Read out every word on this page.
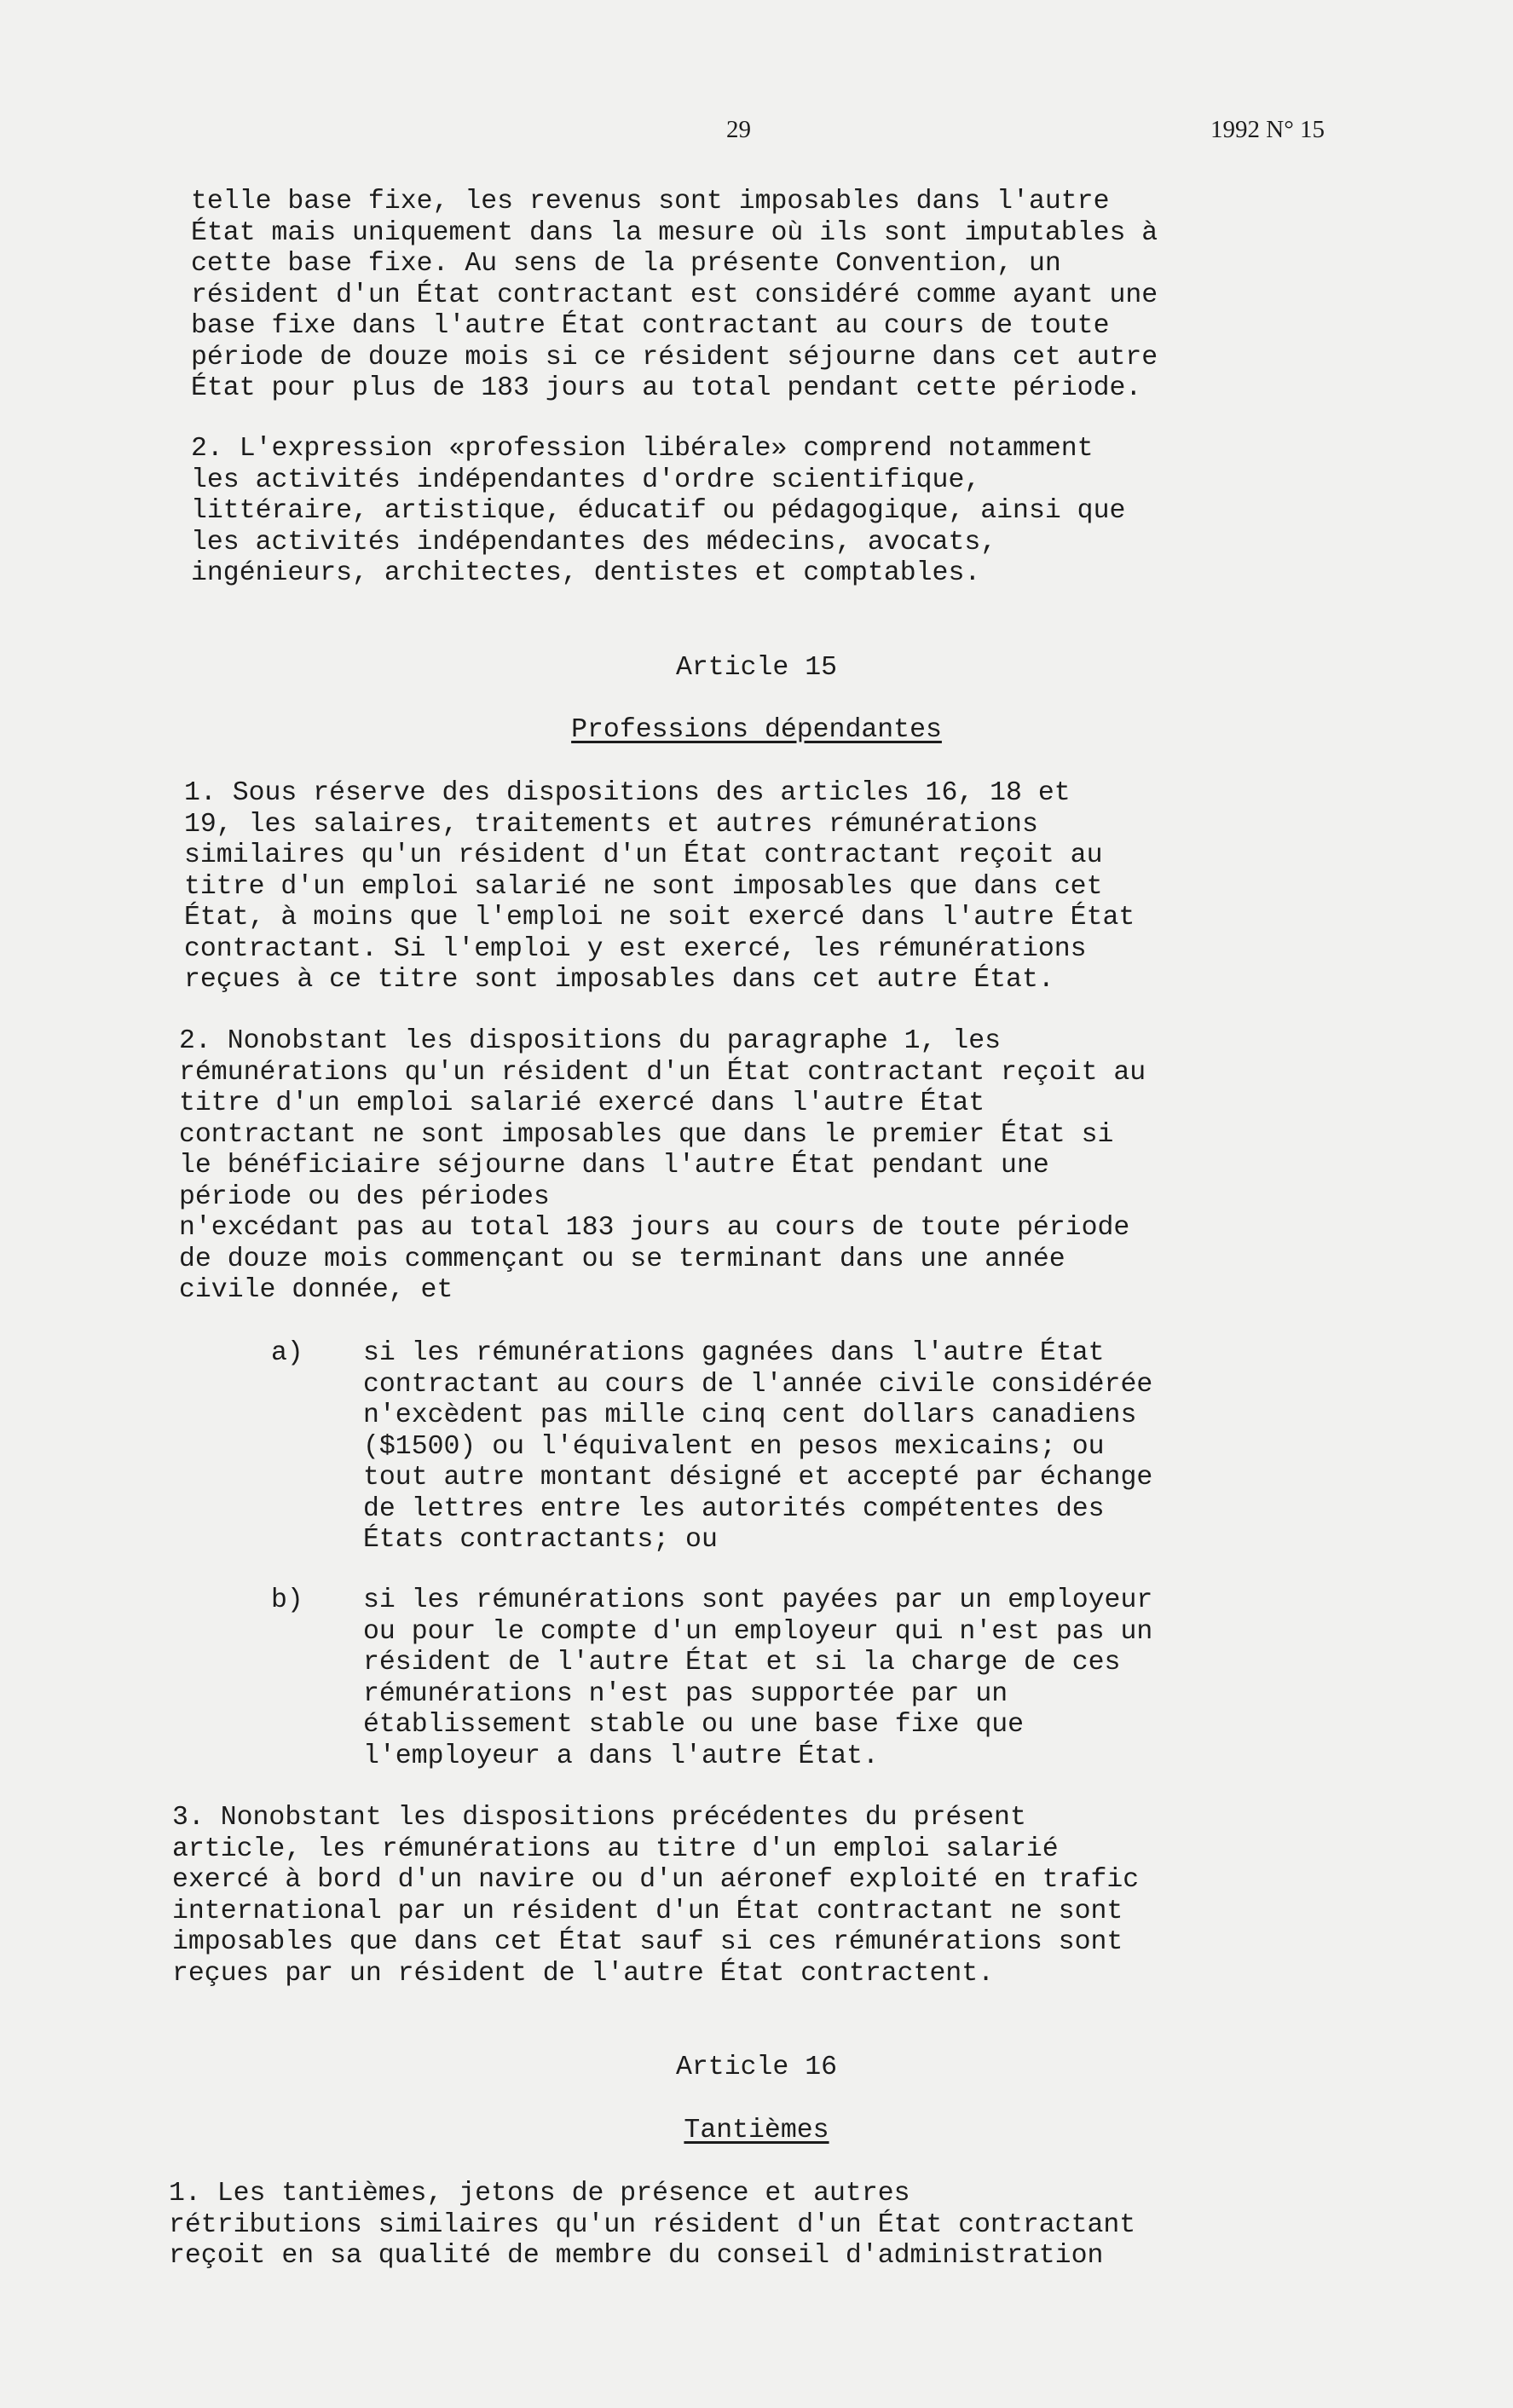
29	1992 N° 15

telle base fixe, les revenus sont imposables dans l'autre
État mais uniquement dans la mesure où ils sont imputables à
cette base fixe. Au sens de la présente Convention, un
résident d'un État contractant est considéré comme ayant une
base fixe dans l'autre État contractant au cours de toute
période de douze mois si ce résident séjourne dans cet autre
État pour plus de 183 jours au total pendant cette période.

2. L'expression «profession libérale» comprend notamment
les activités indépendantes d'ordre scientifique,
littéraire, artistique, éducatif ou pédagogique, ainsi que
les activités indépendantes des médecins, avocats,
ingénieurs, architectes, dentistes et comptables.

Article 15
Professions dépendantes

1. Sous réserve des dispositions des articles 16, 18 et
19, les salaires, traitements et autres rémunérations
similaires qu'un résident d'un État contractant reçoit au
titre d'un emploi salarié ne sont imposables que dans cet
État, à moins que l'emploi ne soit exercé dans l'autre État
contractant. Si l'emploi y est exercé, les rémunérations
reçues à ce titre sont imposables dans cet autre État.

2. Nonobstant les dispositions du paragraphe 1, les
rémunérations qu'un résident d'un État contractant reçoit au
titre d'un emploi salarié exercé dans l'autre État
contractant ne sont imposables que dans le premier État si
le bénéficiaire séjourne dans l'autre État pendant une
période ou des périodes
n'excédant pas au total 183 jours au cours de toute période
de douze mois commençant ou se terminant dans une année
civile donnée, et

a) si les rémunérations gagnées dans l'autre État
contractant au cours de l'année civile considérée
n'excèdent pas mille cinq cent dollars canadiens
($1500) ou l'équivalent en pesos mexicains; ou
tout autre montant désigné et accepté par échange
de lettres entre les autorités compétentes des
États contractants; ou

b) si les rémunérations sont payées par un employeur
ou pour le compte d'un employeur qui n'est pas un
résident de l'autre État et si la charge de ces
rémunérations n'est pas supportée par un
établissement stable ou une base fixe que
l'employeur a dans l'autre État.

3. Nonobstant les dispositions précédentes du présent
article, les rémunérations au titre d'un emploi salarié
exercé à bord d'un navire ou d'un aéronef exploité en trafic
international par un résident d'un État contractant ne sont
imposables que dans cet État sauf si ces rémunérations sont
reçues par un résident de l'autre État contractent.

Article 16
Tantièmes

1. Les tantièmes, jetons de présence et autres
rétributions similaires qu'un résident d'un État contractant
reçoit en sa qualité de membre du conseil d'administration
